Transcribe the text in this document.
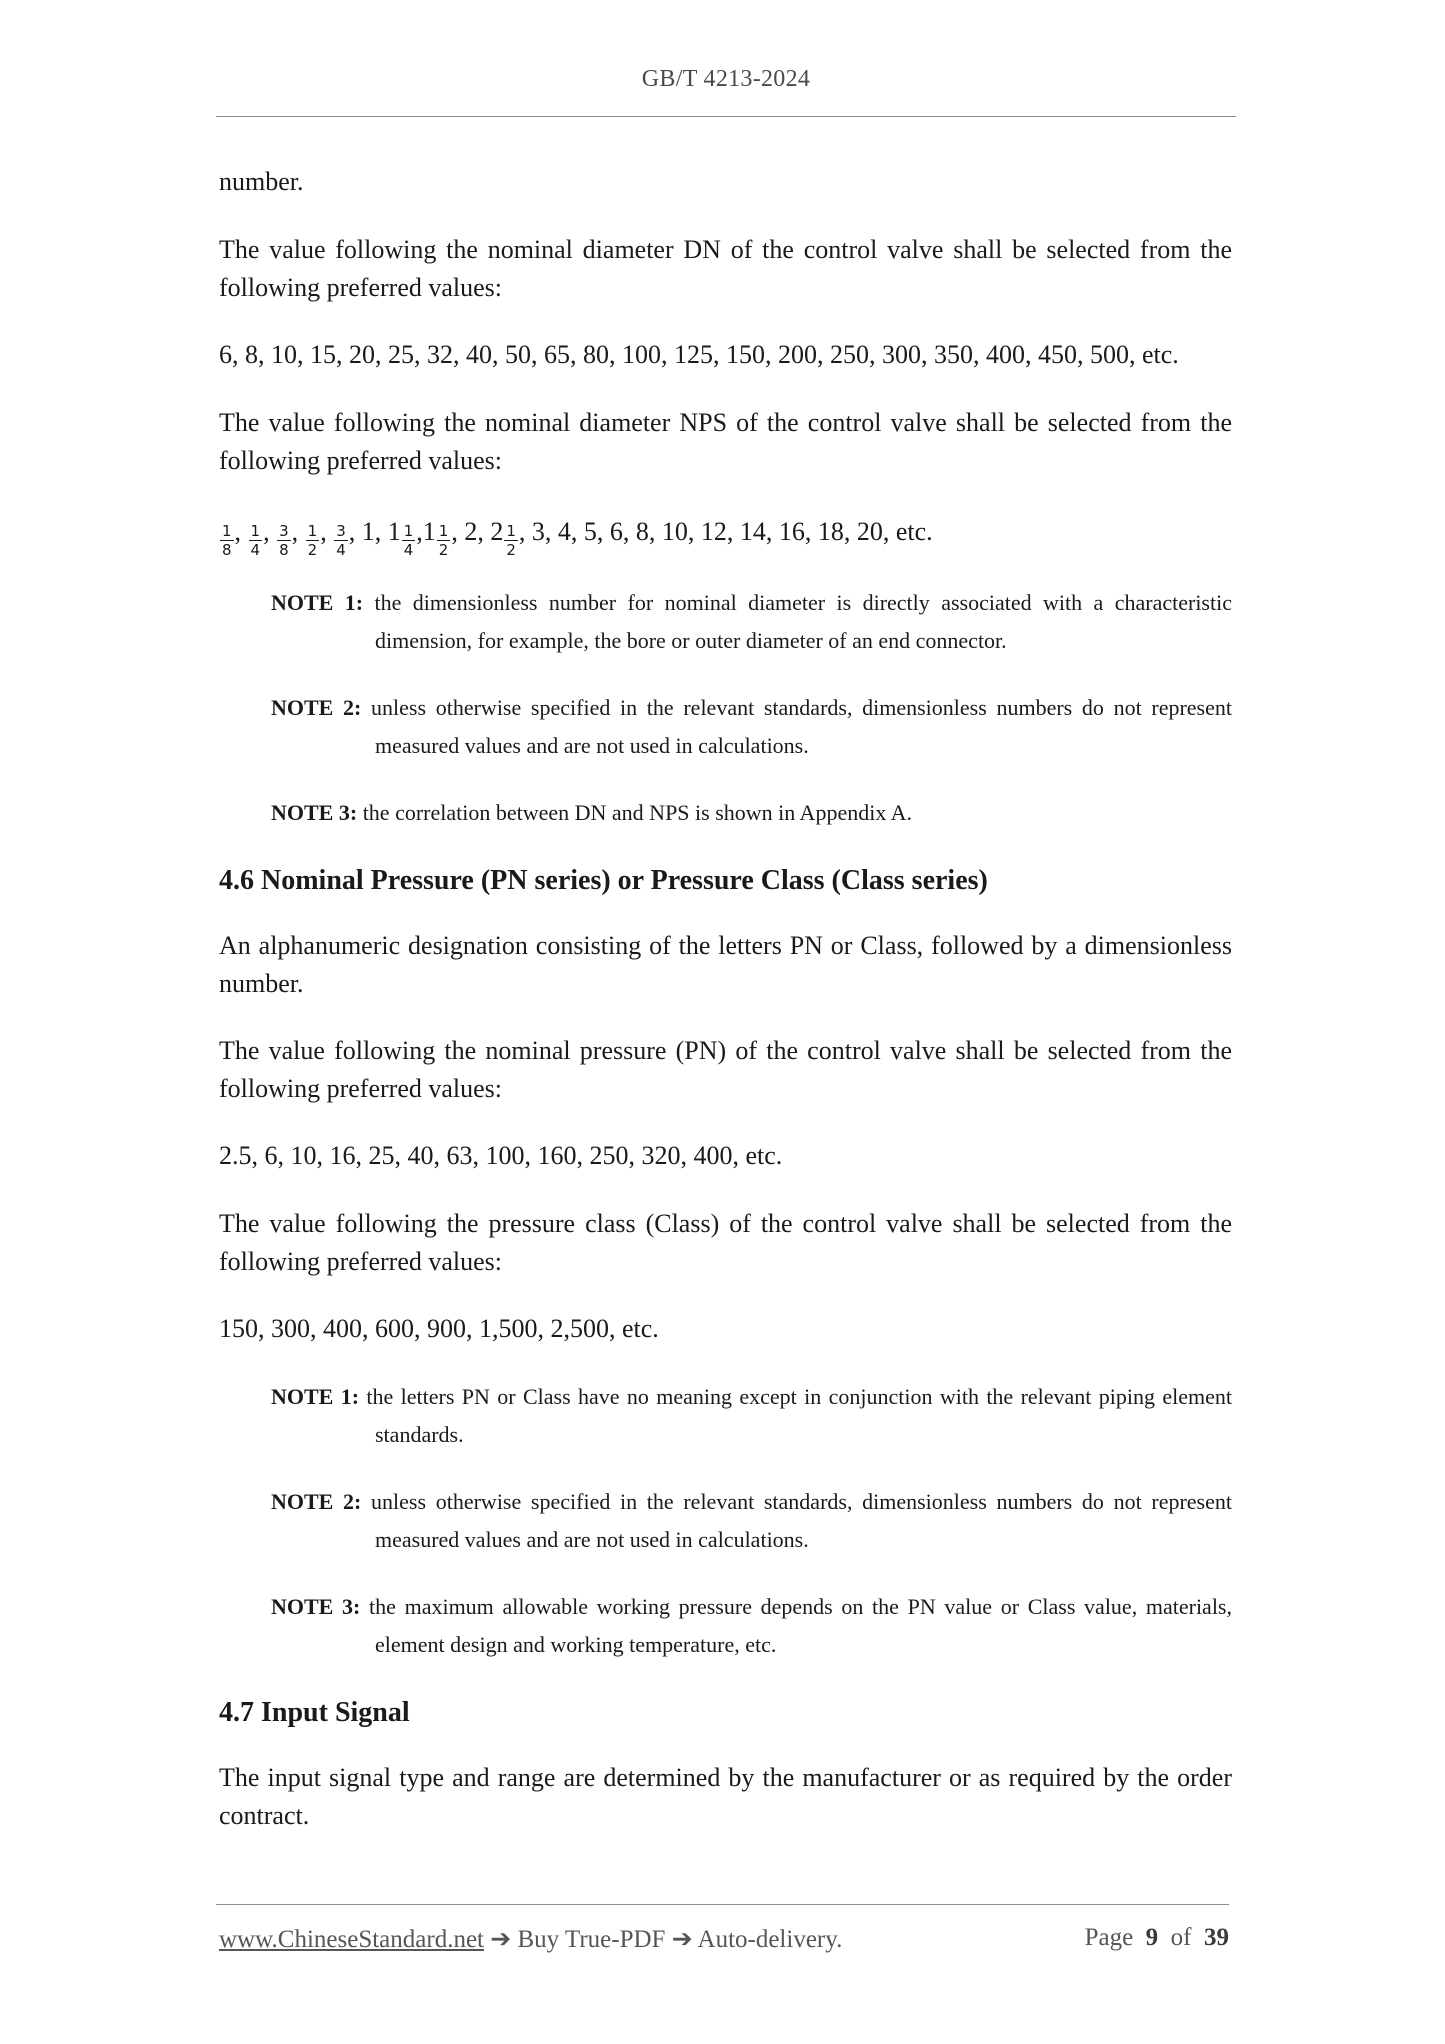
GB/T 4213-2024

number.

The value following the nominal diameter DN of the control valve shall be selected from the following preferred values:

6, 8, 10, 15, 20, 25, 32, 40, 50, 65, 80, 100, 125, 150, 200, 250, 300, 350, 400, 450, 500, etc.

The value following the nominal diameter NPS of the control valve shall be selected from the following preferred values:

$\frac{1}{8}$ , $\frac{1}{4}$ , $\frac{3}{8}$ , $\frac{1}{2}$ , $\frac{3}{4}$ , 1, $1 \frac{1}{4} ,1 \frac{1}{2}$ , 2, $2 \frac{1}{2}$ , 3, 4, 5, 6, 8, 10, 12, 14, 16, 18, 20, etc.
NOTE 1: the dimensionless number for nominal diameter is directly associated with a characteristic dimension, for example, the bore or outer diameter of an end connector.
NOTE 2: unless otherwise specified in the relevant standards, dimensionless numbers do not represent measured values and are not used in calculations.
NOTE 3: the correlation between DN and NPS is shown in Appendix A.
4.6 Nominal Pressure (PN series) or Pressure Class (Class series)

An alphanumeric designation consisting of the letters PN or Class, followed by a dimensionless number.

The value following the nominal pressure (PN) of the control valve shall be selected from the following preferred values:

2.5, 6, 10, 16, 25, 40, 63, 100, 160, 250, 320, 400, etc.

The value following the pressure class (Class) of the control valve shall be selected from the following preferred values:

150, 300, 400, 600, 900, 1,500, 2,500, etc.

NOTE 1: the letters PN or Class have no meaning except in conjunction with the relevant piping element standards.
NOTE 2: unless otherwise specified in the relevant standards, dimensionless numbers do not represent measured values and are not used in calculations.
NOTE 3: the maximum allowable working pressure depends on the PN value or Class value, materials, element design and working temperature, etc.
4.7 Input Signal

The input signal type and range are determined by the manufacturer or as required by the order contract.

www.ChineseStandard.net ➔ Buy True-PDF ➔ Auto-delivery.	Page 9 of 39
